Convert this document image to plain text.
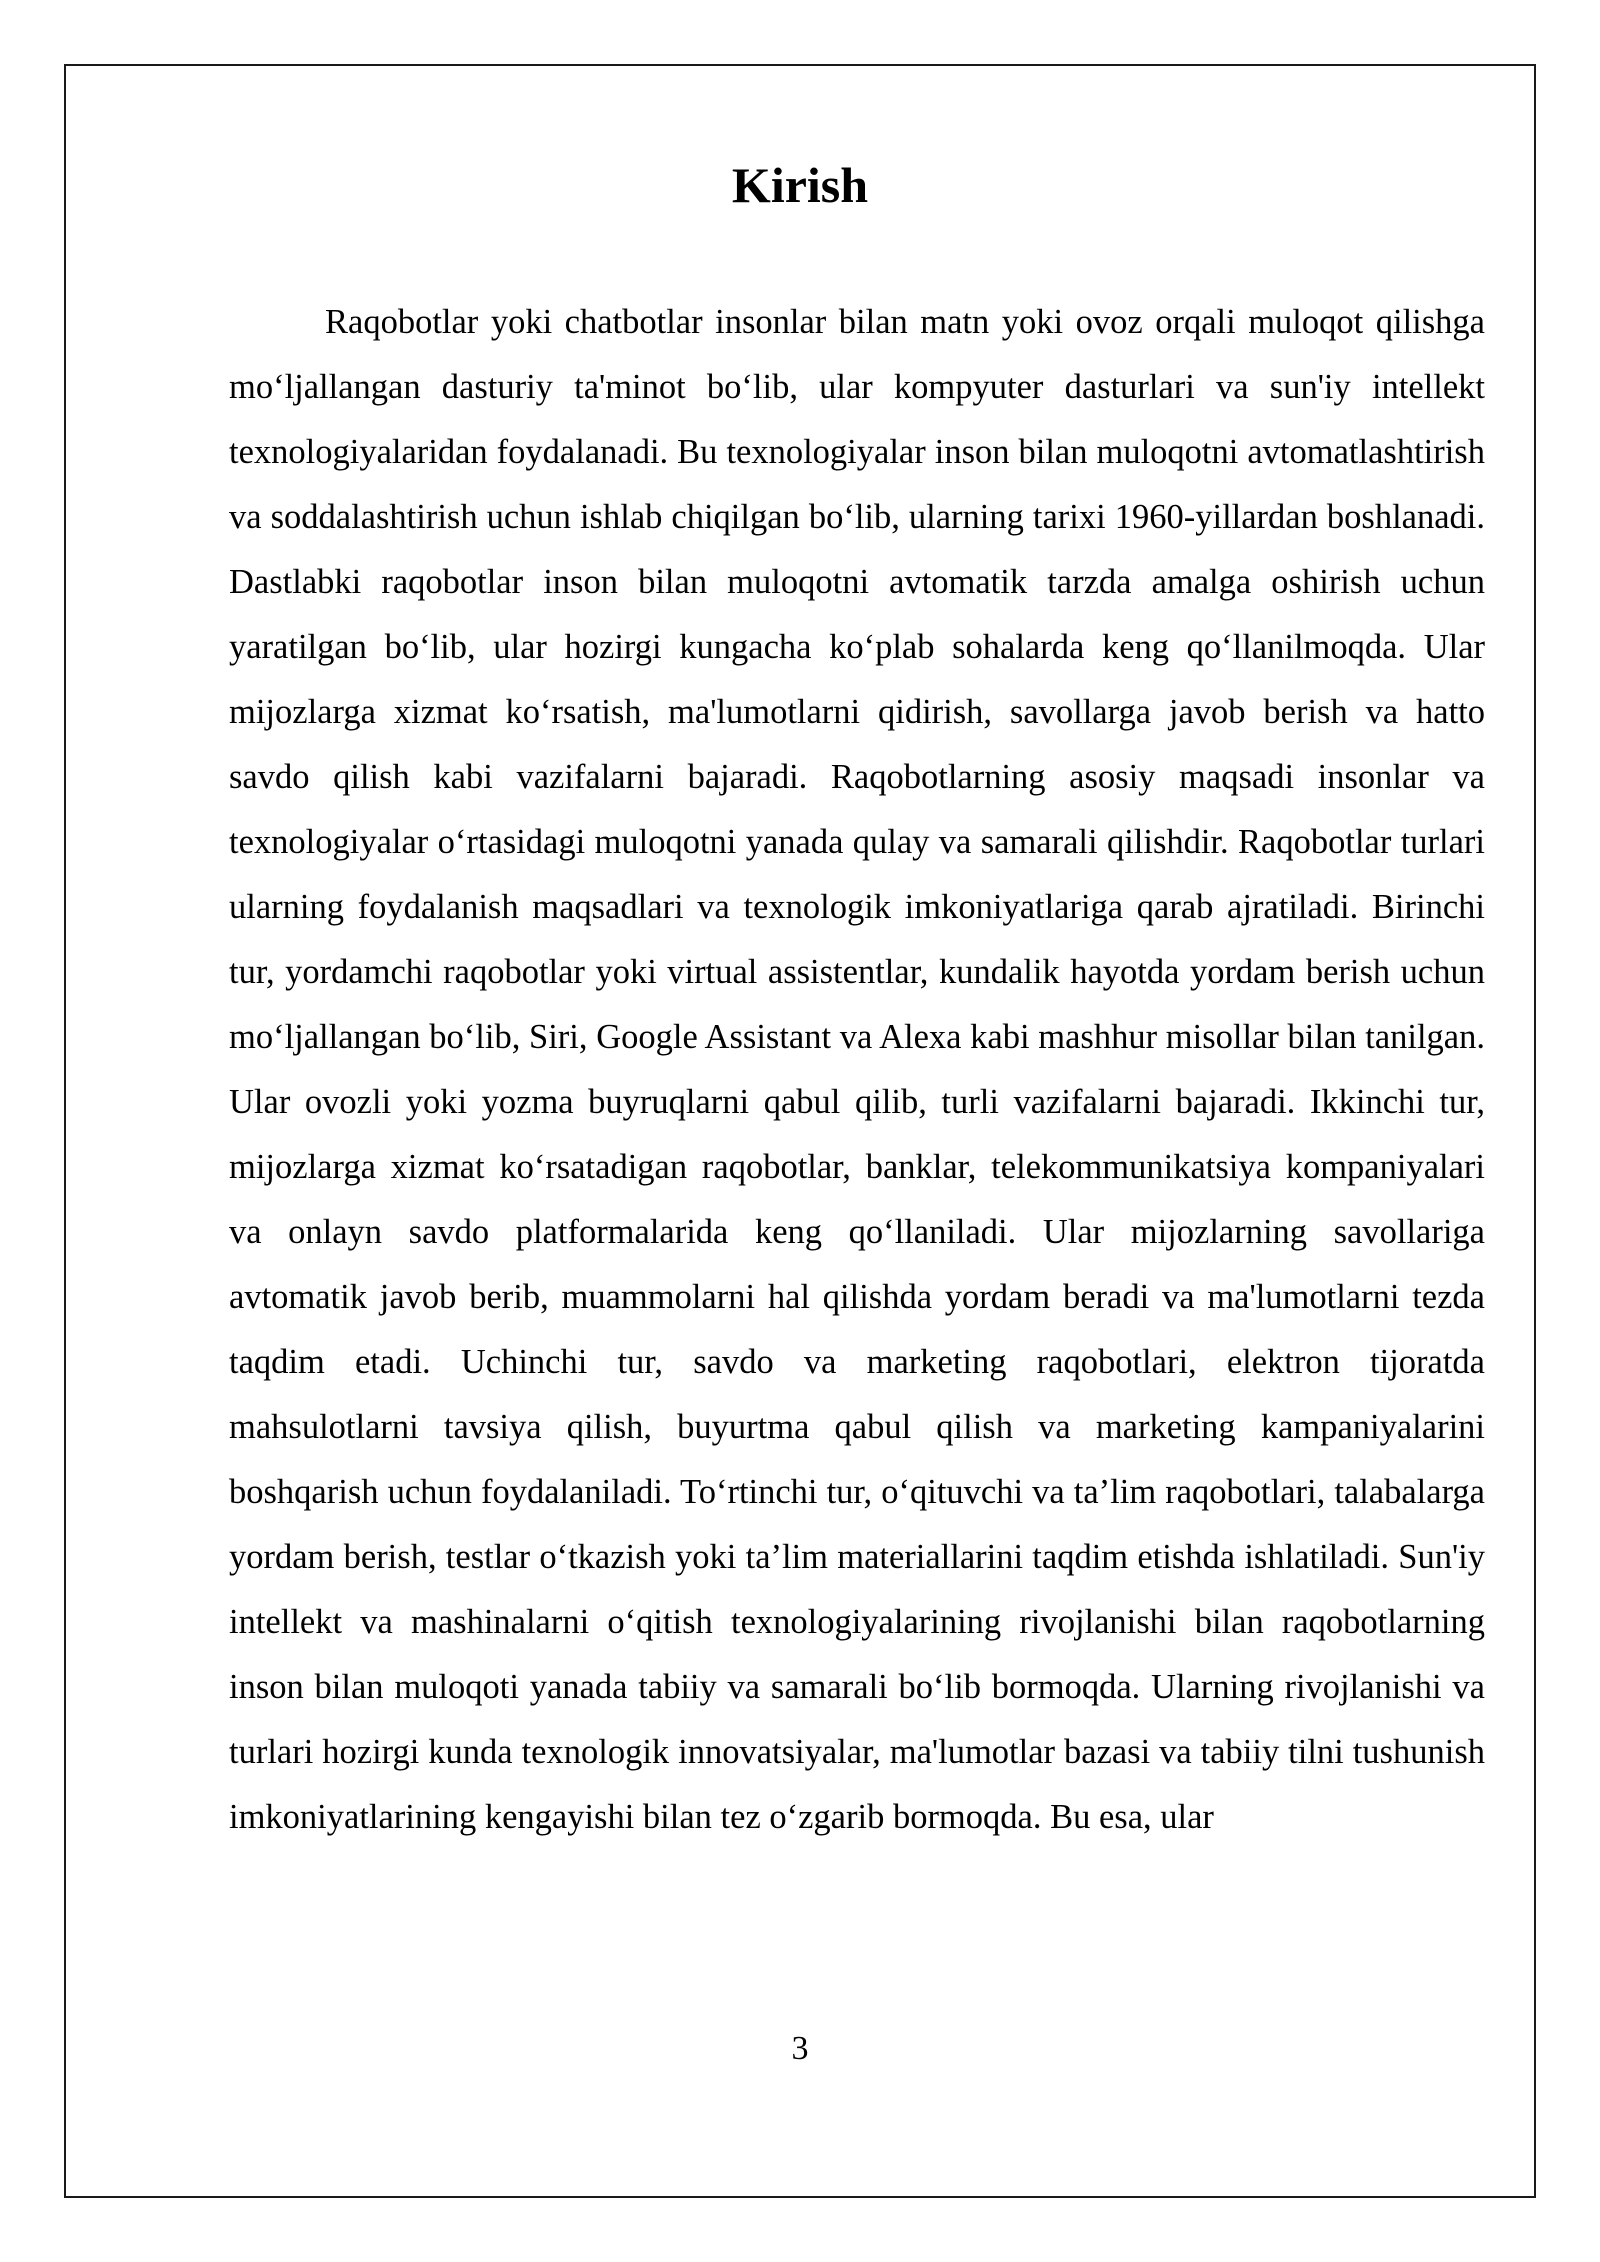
Kirish

Raqobotlar yoki chatbotlar insonlar bilan matn yoki ovoz orqali muloqot qilishga mo‘ljallangan dasturiy ta'minot bo‘lib, ular kompyuter dasturlari va sun'iy intellekt texnologiyalaridan foydalanadi. Bu texnologiyalar inson bilan muloqotni avtomatlashtirish va soddalashtirish uchun ishlab chiqilgan bo‘lib, ularning tarixi 1960-yillardan boshlanadi. Dastlabki raqobotlar inson bilan muloqotni avtomatik tarzda amalga oshirish uchun yaratilgan bo‘lib, ular hozirgi kungacha ko‘plab sohalarda keng qo‘llanilmoqda. Ular mijozlarga xizmat ko‘rsatish, ma'lumotlarni qidirish, savollarga javob berish va hatto savdo qilish kabi vazifalarni bajaradi. Raqobotlarning asosiy maqsadi insonlar va texnologiyalar o‘rtasidagi muloqotni yanada qulay va samarali qilishdir. Raqobotlar turlari ularning foydalanish maqsadlari va texnologik imkoniyatlariga qarab ajratiladi. Birinchi tur, yordamchi raqobotlar yoki virtual assistentlar, kundalik hayotda yordam berish uchun mo‘ljallangan bo‘lib, Siri, Google Assistant va Alexa kabi mashhur misollar bilan tanilgan. Ular ovozli yoki yozma buyruqlarni qabul qilib, turli vazifalarni bajaradi. Ikkinchi tur, mijozlarga xizmat ko‘rsatadigan raqobotlar, banklar, telekommunikatsiya kompaniyalari va onlayn savdo platformalarida keng qo‘llaniladi. Ular mijozlarning savollariga avtomatik javob berib, muammolarni hal qilishda yordam beradi va ma'lumotlarni tezda taqdim etadi. Uchinchi tur, savdo va marketing raqobotlari, elektron tijoratda mahsulotlarni tavsiya qilish, buyurtma qabul qilish va marketing kampaniyalarini boshqarish uchun foydalaniladi. To‘rtinchi tur, o‘qituvchi va ta’lim raqobotlari, talabalarga yordam berish, testlar o‘tkazish yoki ta’lim materiallarini taqdim etishda ishlatiladi. Sun'iy intellekt va mashinalarni o‘qitish texnologiyalarining rivojlanishi bilan raqobotlarning inson bilan muloqoti yanada tabiiy va samarali bo‘lib bormoqda. Ularning rivojlanishi va turlari hozirgi kunda texnologik innovatsiyalar, ma'lumotlar bazasi va tabiiy tilni tushunish imkoniyatlarining kengayishi bilan tez o‘zgarib bormoqda. Bu esa, ular

3
